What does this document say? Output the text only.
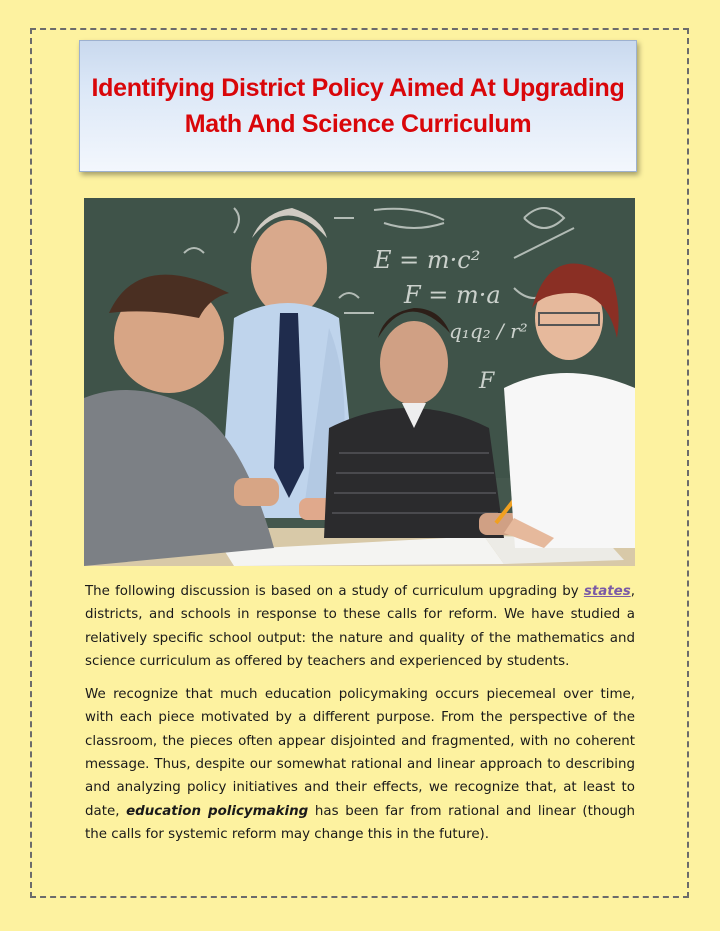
Identifying District Policy Aimed At Upgrading
Math And Science Curriculum
E = m·c²
F = m·a
q₁q₂ / r²
F

The following discussion is based on a study of curriculum upgrading by states, districts, and schools in response to these calls for reform. We have studied a relatively specific school output: the nature and quality of the mathematics and science curriculum as offered by teachers and experienced by students.

We recognize that much education policymaking occurs piecemeal over time, with each piece motivated by a different purpose. From the perspective of the classroom, the pieces often appear disjointed and fragmented, with no coherent message. Thus, despite our somewhat rational and linear approach to describing and analyzing policy initiatives and their effects, we recognize that, at least to date, education policymaking has been far from rational and linear (though the calls for systemic reform may change this in the future).
